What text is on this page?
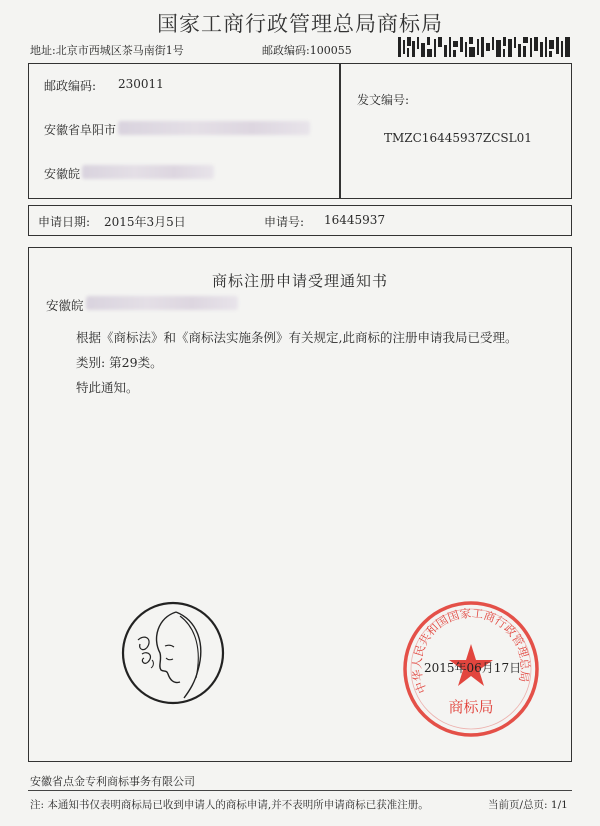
国家工商行政管理总局商标局
地址:北京市西城区茶马南街1号	邮政编码:100055
邮政编码: 230011
安徽省阜阳市
安徽皖
发文编号:
TMZC16445937ZCSL01
申请日期: 2015年3月5日	申请号: 16445937
商标注册申请受理通知书
安徽皖
根据《商标法》和《商标法实施条例》有关规定,此商标的注册申请我局已受理。
类别: 第29类。
特此通知。
中华人民共和国国家工商行政管理总局
商标局
2015年06月17日
安徽省点金专利商标事务有限公司
注: 本通知书仅表明商标局已收到申请人的商标申请,并不表明所申请商标已获准注册。	当前页/总页: 1/1
